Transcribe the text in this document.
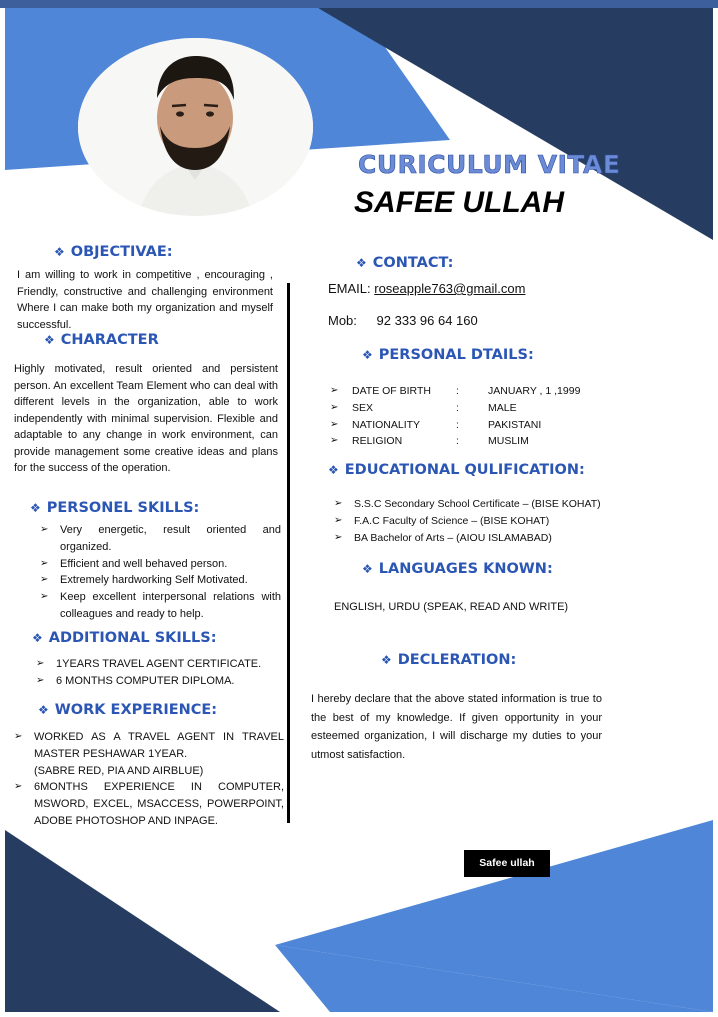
CURICULUM VITAE
SAFEE ULLAH
❖ OBJECTIVAE:
I am willing to work in competitive , encouraging , Friendly, constructive and challenging environment Where I can make both my organization and myself successful.
❖ CHARACTER
Highly motivated, result oriented and persistent person. An excellent Team Element who can deal with different levels in the organization, able to work independently with minimal supervision. Flexible and adaptable to any change in work environment, can provide management some creative ideas and plans for the success of the operation.
❖ PERSONEL SKILLS:
➢ Very energetic, result oriented and organized.
➢ Efficient and well behaved person.
➢ Extremely hardworking Self Motivated.
➢ Keep excellent interpersonal relations with colleagues and ready to help.
❖ ADDITIONAL SKILLS:
➢ 1YEARS TRAVEL AGENT CERTIFICATE.
➢ 6 MONTHS COMPUTER DIPLOMA.
❖ WORK EXPERIENCE:
➢ WORKED AS A TRAVEL AGENT IN TRAVEL MASTER PESHAWAR 1YEAR.
(SABRE RED, PIA AND AIRBLUE)
➢ 6MONTHS EXPERIENCE IN COMPUTER, MSWORD, EXCEL, MSACCESS, POWERPOINT, ADOBE PHOTOSHOP AND INPAGE.
❖ CONTACT:
EMAIL: roseapple763@gmail.com
Mob: 92 333 96 64 160
❖ PERSONAL DTAILS:
➢ DATE OF BIRTH :	JANUARY , 1 ,1999
➢ SEX	:	MALE
➢ NATIONALITY	:	PAKISTANI
➢ RELIGION	:	MUSLIM
❖ EDUCATIONAL QULIFICATION:
➢ S.S.C Secondary School Certificate – (BISE KOHAT)
➢ F.A.C Faculty of Science – (BISE KOHAT)
➢ BA Bachelor of Arts – (AIOU ISLAMABAD)
❖ LANGUAGES KNOWN:
ENGLISH, URDU (SPEAK, READ AND WRITE)
❖ DECLERATION:
I hereby declare that the above stated information is true to the best of my knowledge. If given opportunity in your esteemed organization, I will discharge my duties to your utmost satisfaction.
Safee ullah
